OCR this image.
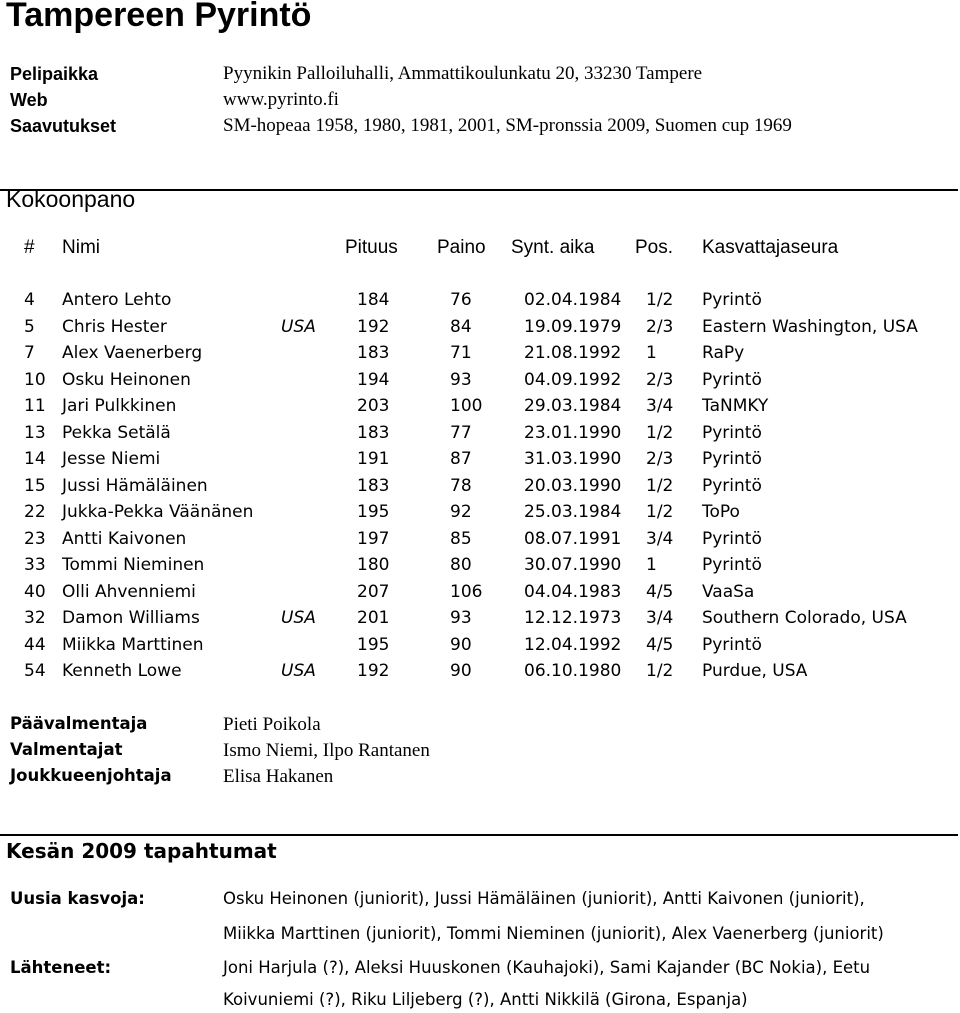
Tampereen Pyrintö
Pelipaikka	Pyynikin Palloiluhalli, Ammattikoulunkatu 20, 33230 Tampere
Web	www.pyrinto.fi
Saavutukset	SM-hopeaa 1958, 1980, 1981, 2001, SM-pronssia 2009, Suomen cup 1969
Kokoonpano
# Nimi	Pituus Paino Synt. aika Pos. Kasvattajaseura
4 Antero Lehto	184	76	02.04.1984 1/2 Pyrintö
5 Chris Hester	USA 192	84	19.09.1979 2/3 Eastern Washington, USA
7 Alex Vaenerberg	183	71	21.08.1992 1	RaPy
10 Osku Heinonen	194	93	04.09.1992 2/3 Pyrintö
11 Jari Pulkkinen	203	100 29.03.1984 3/4 TaNMKY
13 Pekka Setälä	183	77	23.01.1990 1/2 Pyrintö
14 Jesse Niemi	191	87	31.03.1990 2/3 Pyrintö
15 Jussi Hämäläinen	183	78	20.03.1990 1/2 Pyrintö
22 Jukka-Pekka Väänänen	195	92	25.03.1984 1/2 ToPo
23 Antti Kaivonen	197	85	08.07.1991 3/4 Pyrintö
33 Tommi Nieminen	180	80	30.07.1990 1	Pyrintö
40 Olli Ahvenniemi	207	106 04.04.1983 4/5 VaaSa
32 Damon Williams	USA 201	93	12.12.1973 3/4 Southern Colorado, USA
44 Miikka Marttinen	195	90	12.04.1992 4/5 Pyrintö
54 Kenneth Lowe	USA 192	90	06.10.1980 1/2 Purdue, USA
Päävalmentaja	Pieti Poikola
Valmentajat	Ismo Niemi, Ilpo Rantanen
Joukkueenjohtaja	Elisa Hakanen
Kesän 2009 tapahtumat
Uusia kasvoja:	Osku Heinonen (juniorit), Jussi Hämäläinen (juniorit), Antti Kaivonen (juniorit),
Miikka Marttinen (juniorit), Tommi Nieminen (juniorit), Alex Vaenerberg (juniorit)
Lähteneet:	Joni Harjula (?), Aleksi Huuskonen (Kauhajoki), Sami Kajander (BC Nokia), Eetu
Koivuniemi (?), Riku Liljeberg (?), Antti Nikkilä (Girona, Espanja)
